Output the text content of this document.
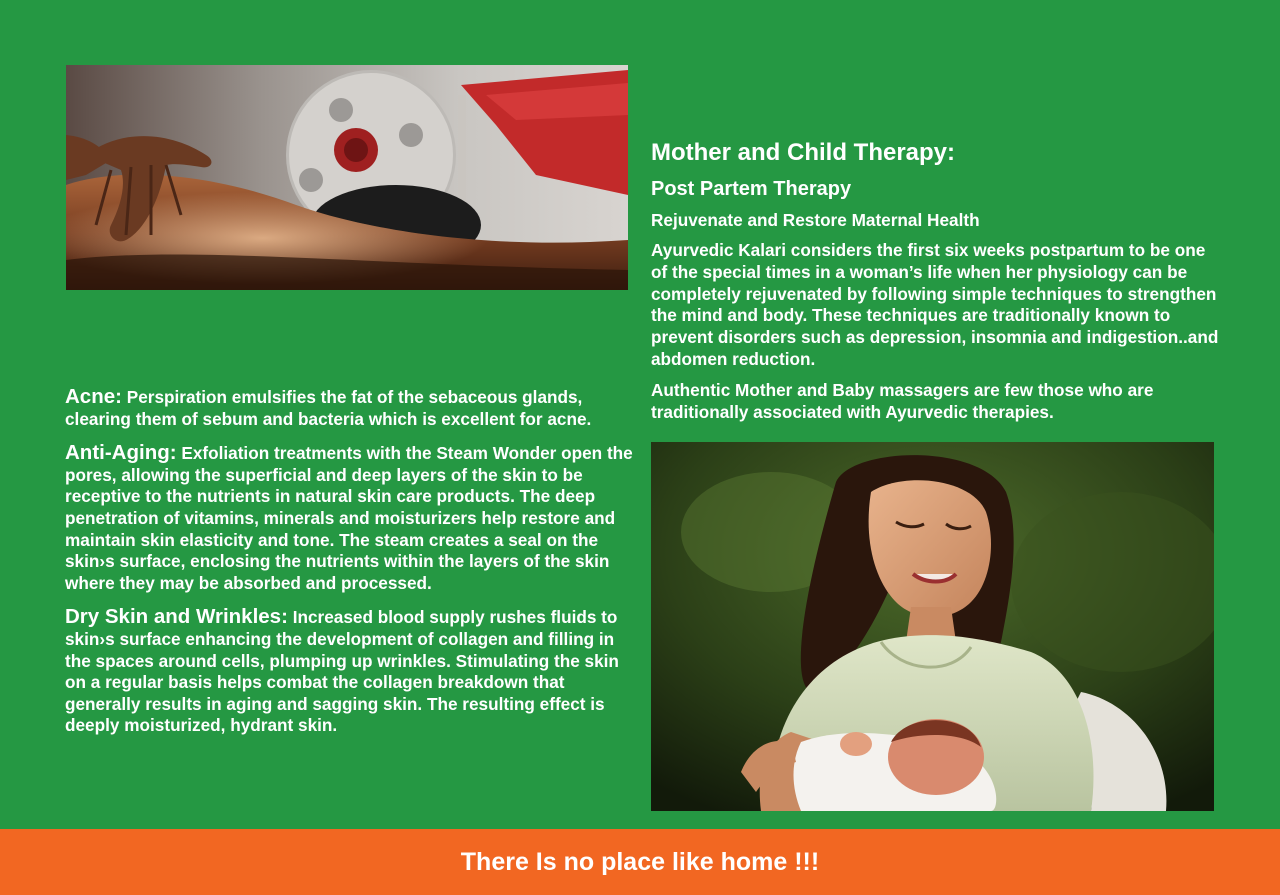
Acne: Perspiration emulsifies the fat of the sebaceous glands, clearing them of sebum and bacteria which is excellent for acne.

Anti-Aging: Exfoliation treatments with the Steam Wonder open the pores, allowing the superficial and deep layers of the skin to be receptive to the nutrients in natural skin care products. The deep penetration of vitamins, minerals and moisturizers help restore and maintain skin elasticity and tone. The steam creates a seal on the skin›s surface, enclosing the nutrients within the layers of the skin where they may be absorbed and processed.

Dry Skin and Wrinkles: Increased blood supply rushes fluids to skin›s surface enhancing the development of collagen and filling in the spaces around cells, plumping up wrinkles. Stimulating the skin on a regular basis helps combat the collagen breakdown that generally results in aging and sagging skin. The resulting effect is deeply moisturized, hydrant skin.

Mother and Child Therapy:
Post Partem Therapy
Rejuvenate and Restore Maternal Health

Ayurvedic Kalari considers the first six weeks postpartum to be one of the special times in a woman’s life when her physiology can be completely rejuvenated by following simple techniques to strengthen the mind and body. These techniques are traditionally known to prevent disorders such as depression, insomnia and indigestion..and abdomen reduction.

Authentic Mother and Baby massagers are few those who are traditionally associated with Ayurvedic therapies.

There Is no place like home !!!
